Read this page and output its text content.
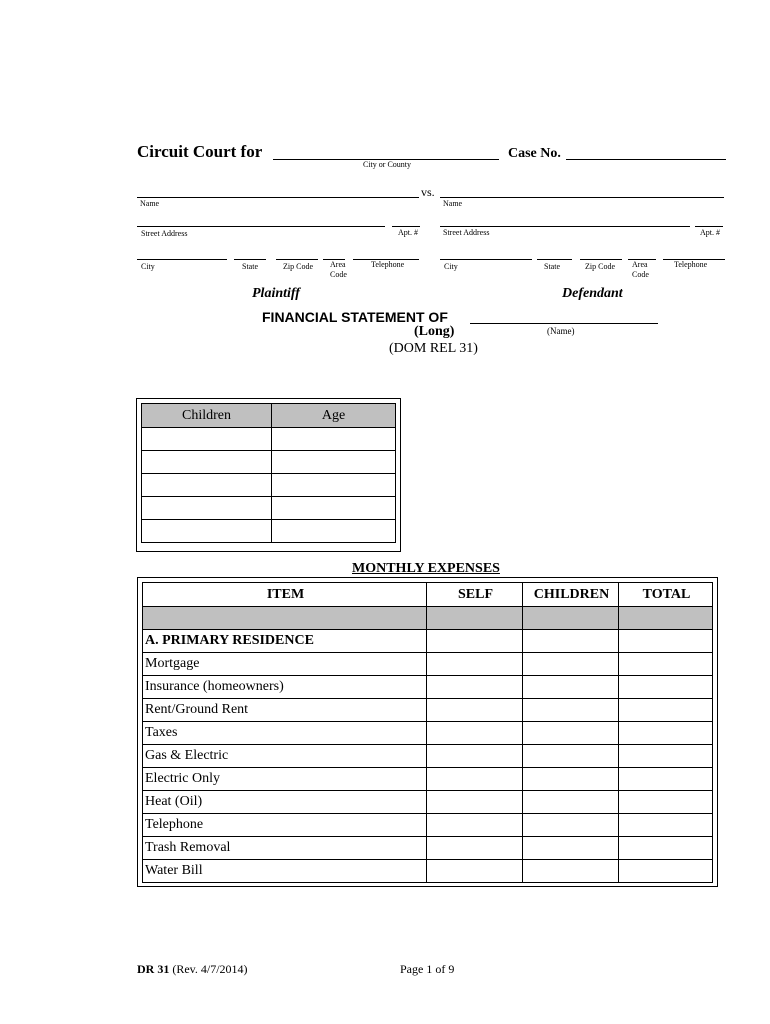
Circuit Court for
City or County
Case No.
vs.
Name	Name
Street Address	Apt. #	Street Address	Apt. #
City	State	Zip Code Area
Code
Telephone	City	State	Zip Code Area
Code
Telephone
Plaintiff	Defendant
FINANCIAL STATEMENT OF
(Name)
(Long)
(DOM REL 31)
Children	Age

MONTHLY EXPENSES
ITEM	SELF	CHILDREN	TOTAL

A. PRIMARY RESIDENCE			
Mortgage			
Insurance (homeowners)			
Rent/Ground Rent			
Taxes			
Gas & Electric			
Electric Only			
Heat (Oil)			
Telephone			
Trash Removal			
Water Bill			
DR 31 (Rev. 4/7/2014)	Page 1 of 9
